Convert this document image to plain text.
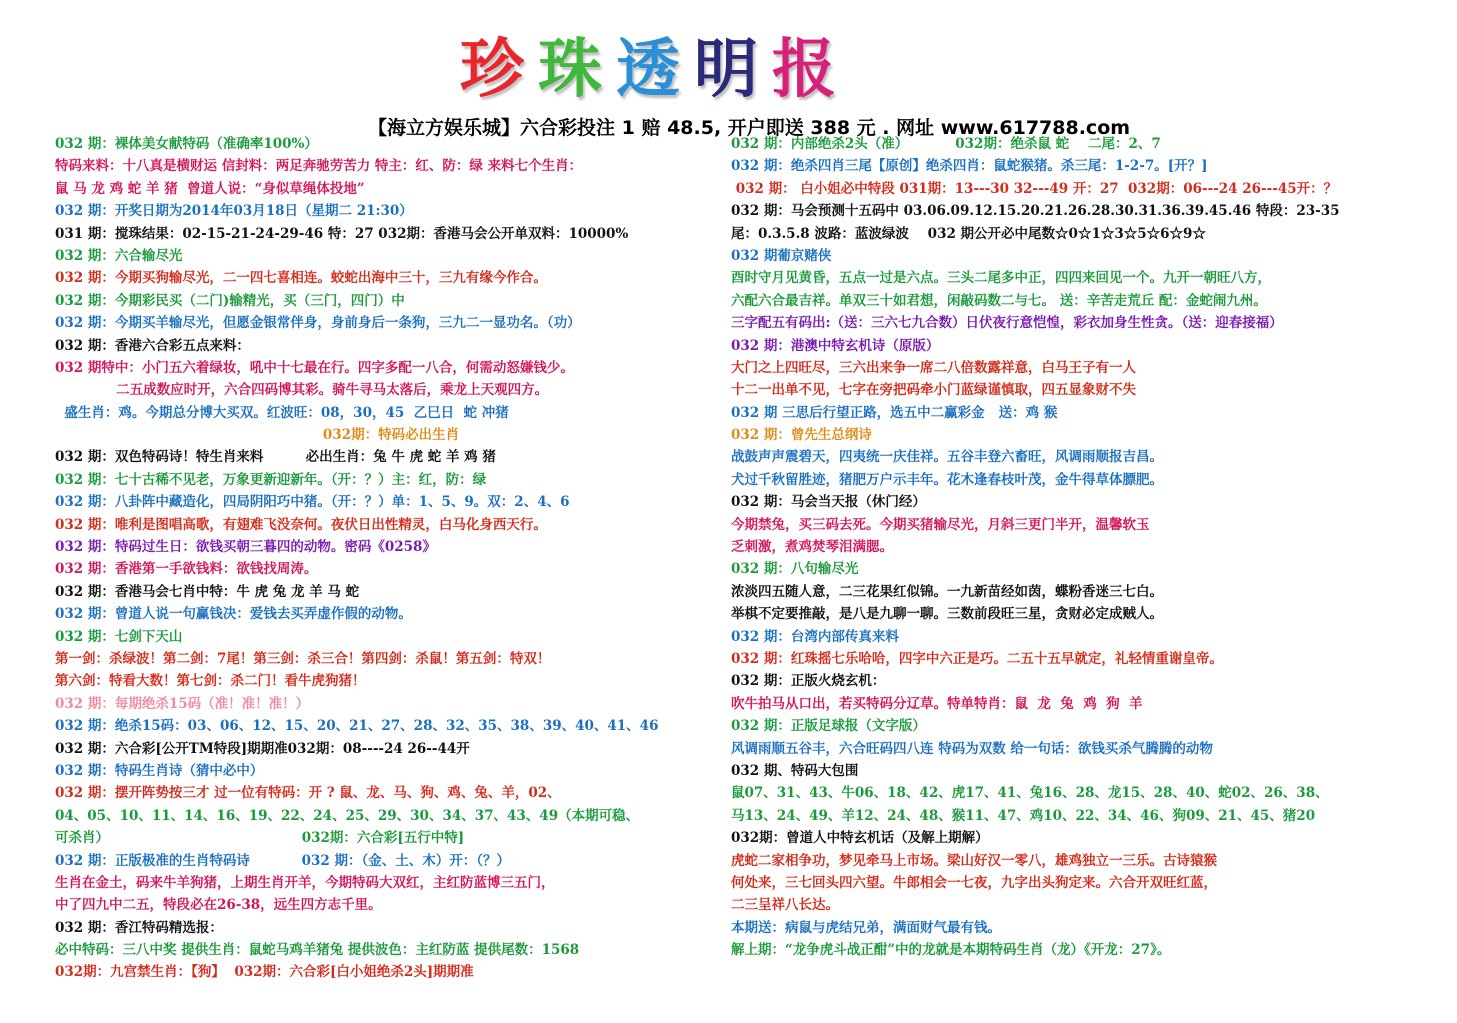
珍珠透明报
【海立方娱乐城】六合彩投注 1 赔 48.5, 开户即送 388 元 . 网址 www.617788.com
032 期：裸体美女献特码（准确率100%）
特码来料：十八真是横财运 信封料：两足奔驰劳苦力 特主：红、防：绿 来料七个生肖：
鼠 马 龙 鸡 蛇 羊 猪  曾道人说：“身似草绳体投地”
032 期：开奖日期为2014年03月18日（星期二 21:30）
031 期：搅珠结果：02-15-21-24-29-46 特：27 032期：香港马会公开单双料：10000%
032 期：六合输尽光
032 期：今期买狗输尽光，二一四七喜相连。蛟蛇出海中三十，三九有缘今作合。
032 期：今期彩民买（二门)输精光，买（三门，四门）中
032 期：今期买羊输尽光，但愿金银常伴身，身前身后一条狗，三九二一显功名。（功）
032 期：香港六合彩五点来料：
032 期特中：小门五六着绿妆，吼中十七最在行。四字多配一八合，何需动怒嫌钱少。
二五成数应时开，六合四码博其彩。骑牛寻马太落后，乘龙上天观四方。
盛生肖：鸡。今期总分博大买双。红波旺：08，30，45  乙巳日  蛇 冲猪
032期：特码必出生肖
032 期：双色特码诗！特生肖来料         必出生肖：兔 牛 虎 蛇 羊 鸡 猪
032 期：七十古稀不见老，万象更新迎新年。（开：？）主：红，防：绿
032 期：八卦阵中藏造化，四局阴阳巧中猪。（开：？）单：1、5、9。双：2、4、6
032 期：唯利是图唱高歌，有翅难飞没奈何。夜伏日出性精灵，白马化身西天行。
032 期：特码过生日：欲钱买朝三暮四的动物。密码《0258》
032 期：香港第一手欲钱料：欲钱找周涛。
032 期：香港马会七肖中特：牛 虎 兔 龙 羊 马 蛇
032 期：曾道人说一句赢钱决：爱钱去买弄虚作假的动物。
032 期：七剑下天山
第一剑：杀绿波！第二剑：7尾！第三剑：杀三合！第四剑：杀鼠！第五剑：特双！
第六剑：特看大数！第七剑：杀二门！看牛虎狗猪！
032 期：每期绝杀15码（准！准！准！）
032 期：绝杀15码：03、06、12、15、20、21、27、28、32、35、38、39、40、41、46
032 期：六合彩[公开TM特段]期期准032期：08----24 26--44开
032 期：特码生肖诗（猜中必中）
032 期：摆开阵势按三才 过一位有特码：开 ? 鼠、龙、马、狗、鸡、兔、羊，02、
04、05、10、11、14、16、19、22、24、25、29、30、34、37、43、49（本期可稳、
可杀肖）                                         032期：六合彩[五行中特]
032 期：正版极准的生肖特码诗           032 期：（金、土、木）开：（？）
生肖在金土，码来牛羊狗猪，上期生肖开羊，今期特码大双红，主红防蓝博三五门，
中了四九中二五，特段必在26-38，远生四方志千里。
032 期：香江特码精选报：
必中特码：三八中奖 提供生肖：鼠蛇马鸡羊猪兔 提供波色：主红防蓝 提供尾数：1568
032期：九宫禁生肖：【狗】  032期：六合彩[白小姐绝杀2头]期期准
032 期：内部绝杀2头（准）          032期：绝杀鼠 蛇    二尾：2、7
032 期：绝杀四肖三尾【原创】绝杀四肖：鼠蛇猴猪。杀三尾：1-2-7。[开？]
032 期： 白小姐必中特段 031期：13---30 32---49 开：27  032期：06---24 26---45开：？
032 期：马会预测十五码中 03.06.09.12.15.20.21.26.28.30.31.36.39.45.46 特段：23-35
尾：0.3.5.8 波路：蓝波绿波    032 期公开必中尾数☆0☆1☆3☆5☆6☆9☆
032 期葡京赌侠
酉时守月见黄昏，五点一过是六点。三头二尾多中正，四四来回见一个。九开一朝旺八方，
六配六合最吉祥。单双三十如君想，闲敲码数二与七。 送：辛苦走荒丘 配：金蛇闹九州。
三字配五有码出:（送：三六七九合数）日伏夜行意恺惶，彩衣加身生性贪。（送：迎春接福）
032 期：港澳中特玄机诗（原版）
大门之上四旺尽，三六出来争一席二八倍数露祥意，白马王子有一人
十二一出单不见，七字在旁把码牵小门蓝绿谨慎取，四五显象财不失
032 期 三思后行望正路，选五中二赢彩金   送：鸡 猴
032 期：曾先生总纲诗
战鼓声声震碧天，四夷统一庆佳祥。五谷丰登六畜旺，风调雨顺报吉昌。
犬过千秋留胜迹，猪肥万户示丰年。花木逢春枝叶茂，金牛得草体膘肥。
032 期：马会当天报（休门经）
今期禁兔，买三码去死。今期买猪输尽光，月斜三更门半开，温馨软玉
乏刺激，煮鸡焚琴泪满腮。
032 期：八句输尽光
浓淡四五随人意，二三花果红似锦。一九新苗经如茵，蝶粉香迷三七白。
举棋不定要推敲，是八是九聊一聊。三数前段旺三星，贪财必定成贼人。
032 期：台湾内部传真来料
032 期：红珠摇七乐哈哈，四字中六正是巧。二五十五早就定，礼轻情重谢皇帝。
032 期：正版火烧玄机：
吹牛拍马从口出，若买特码分辽草。特单特肖：鼠  龙  兔  鸡  狗  羊
032 期：正版足球报（文字版）
风调雨顺五谷丰，六合旺码四八连 特码为双数 给一句话：欲钱买杀气腾腾的动物
032 期、特码大包围
鼠07、31、43、牛06、18、42、虎17、41、兔16、28、龙15、28、40、蛇02、26、38、
马13、24、49、羊12、24、48、猴11、47、鸡10、22、34、46、狗09、21、45、猪20
032期：曾道人中特玄机话（及解上期解）
虎蛇二家相争功，梦见牵马上市场。梁山好汉一零八，雄鸡独立一三乐。古诗猿猴
何处来，三七回头四六望。牛郎相会一七夜，九字出头狗定来。六合开双旺红蓝，
二三呈祥八长达。
本期送：病鼠与虎结兄弟，满面财气最有钱。
解上期：“龙争虎斗战正酣”中的龙就是本期特码生肖（龙）《开龙：27》。
